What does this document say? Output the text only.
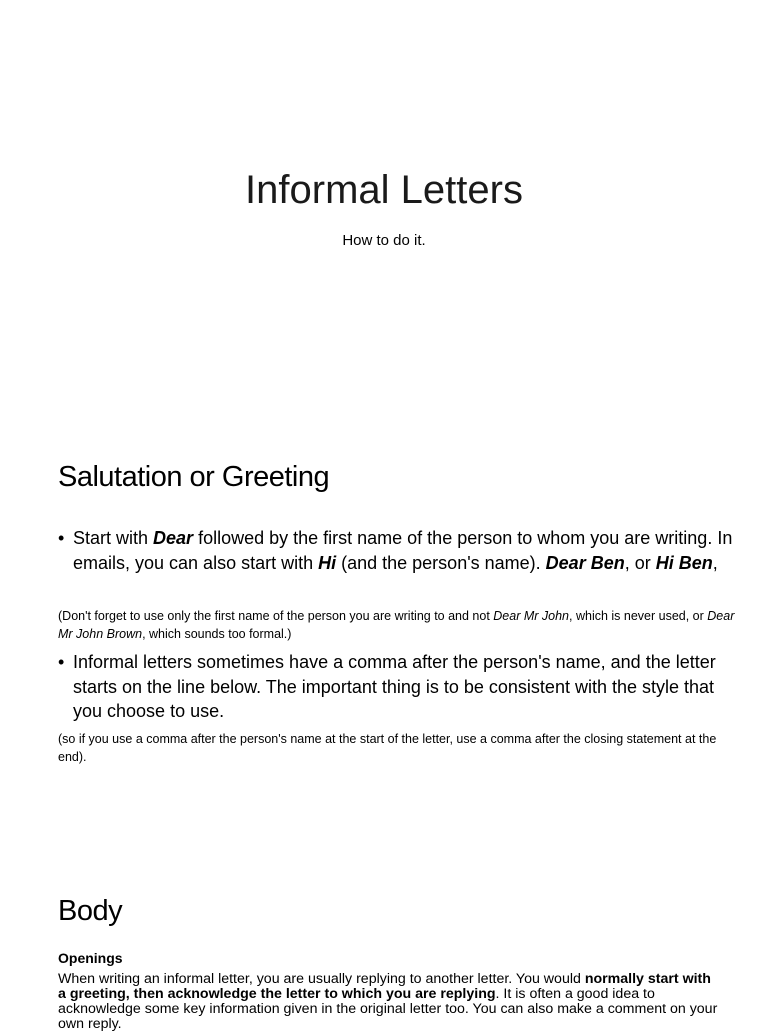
Informal Letters
How to do it.
Salutation or Greeting
• Start with Dear followed by the first name of the person to whom you are writing. In emails, you can also start with Hi (and the person's name). Dear Ben, or Hi Ben,
(Don't forget to use only the first name of the person you are writing to and not Dear Mr John, which is never used, or Dear Mr John Brown, which sounds too formal.)
• Informal letters sometimes have a comma after the person's name, and the letter starts on the line below. The important thing is to be consistent with the style that you choose to use.
(so if you use a comma after the person's name at the start of the letter, use a comma after the closing statement at the end).
Body
Openings
When writing an informal letter, you are usually replying to another letter. You would normally start with a greeting, then acknowledge the letter to which you are replying. It is often a good idea to acknowledge some key information given in the original letter too. You can also make a comment on your own reply.
